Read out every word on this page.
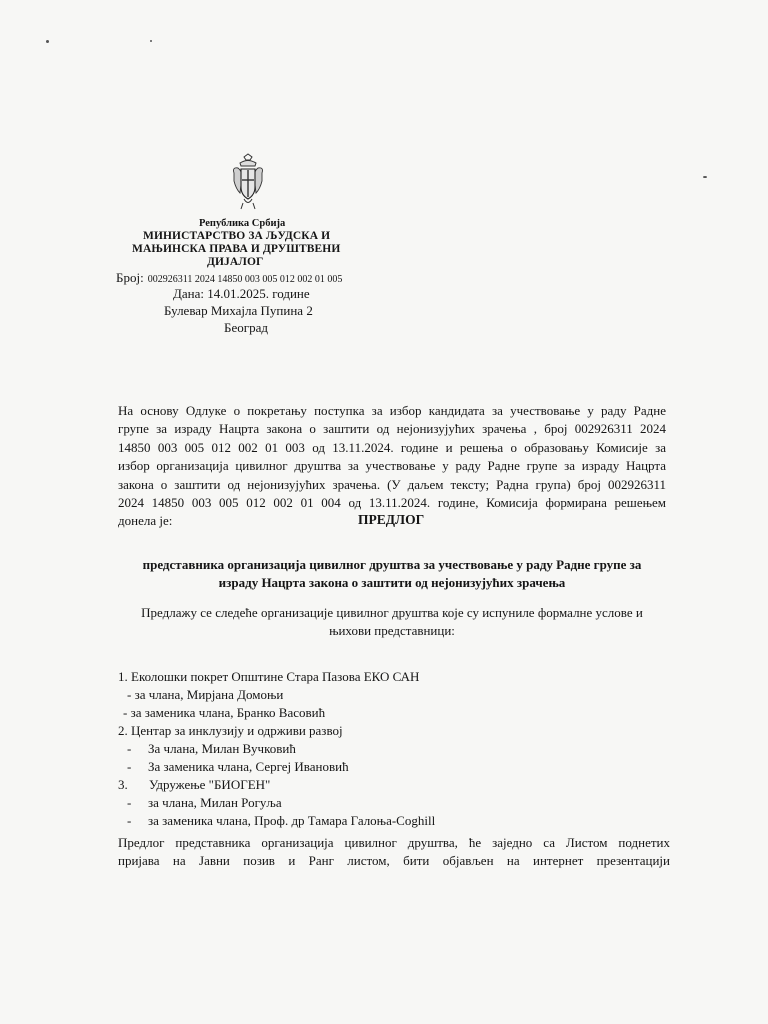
Република Србија
МИНИСТАРСТВО ЗА ЉУДСКА И
МАЊИНСКА ПРАВА И ДРУШТВЕНИ
ДИЈАЛОГ
Број: 002926311 2024 14850 003 005 012 002 01 005
Дана: 14.01.2025. године
Булевар Михајла Пупина 2
Београд
На основу Одлуке о покретању поступка за избор кандидата за учествовање у раду Радне
групе за израду Нацрта закона о заштити од нејонизујућих зрачења , број 002926311 2024
14850 003 005 012 002 01 003 од 13.11.2024. године и решења о образовању Комисије за
избор организација цивилног друштва за учествовање у раду Радне групе за израду Нацрта
закона о заштити од нејонизујућих зрачења. (У даљем тексту; Радна група) број 002926311
2024 14850 003 005 012 002 01 004 од 13.11.2024. године, Комисија формирана решењем
донела је:	ПРЕДЛОГ
представника организација цивилног друштва за учествовање у раду Радне групе за
израду Нацрта закона о заштити од нејонизујућих зрачења
Предлажу се следеће организације цивилног друштва које су испуниле формалне услове и
њихови представници:
1. Еколошки покрет Општине Стара Пазова ЕКО САН
- за члана, Мирјана Домоњи
- за заменика члана, Бранко Васовић
2. Центар за инклузију и одрживи развој
- За члана, Милан Вучковић
- За заменика члана, Сергеј Ивановић
3. Удружење "БИОГЕН"
- за члана, Милан Рогуља
- за заменика члана, Проф. др Тамара Галоња-Coghill
Предлог представника организација цивилног друштва, ће заједно са Листом поднетих
пријава на Јавни позив и Ранг листом, бити објављен на интернет презентацији
